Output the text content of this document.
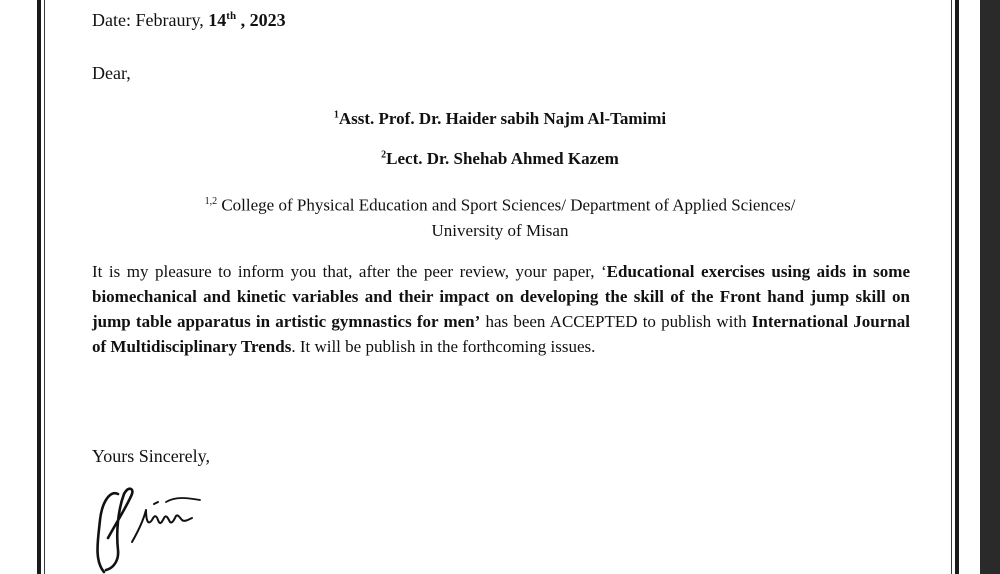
Date: Febraury, 14th , 2023
Dear,
$^1$Asst. Prof. Dr. Haider sabih Najm Al-Tamimi
$^2$Lect. Dr. Shehab Ahmed Kazem
$^{1,2}$ College of Physical Education and Sport Sciences/ Department of Applied Sciences/
University of Misan
It is my pleasure to inform you that, after the peer review, your paper, ‘Educational exercises using aids in some biomechanical and kinetic variables and their impact on developing the skill of the Front hand jump skill on jump table apparatus in artistic gymnastics for men’ has been ACCEPTED to publish with International Journal of Multidisciplinary Trends. It will be publish in the forthcoming issues.
Yours Sincerely,
